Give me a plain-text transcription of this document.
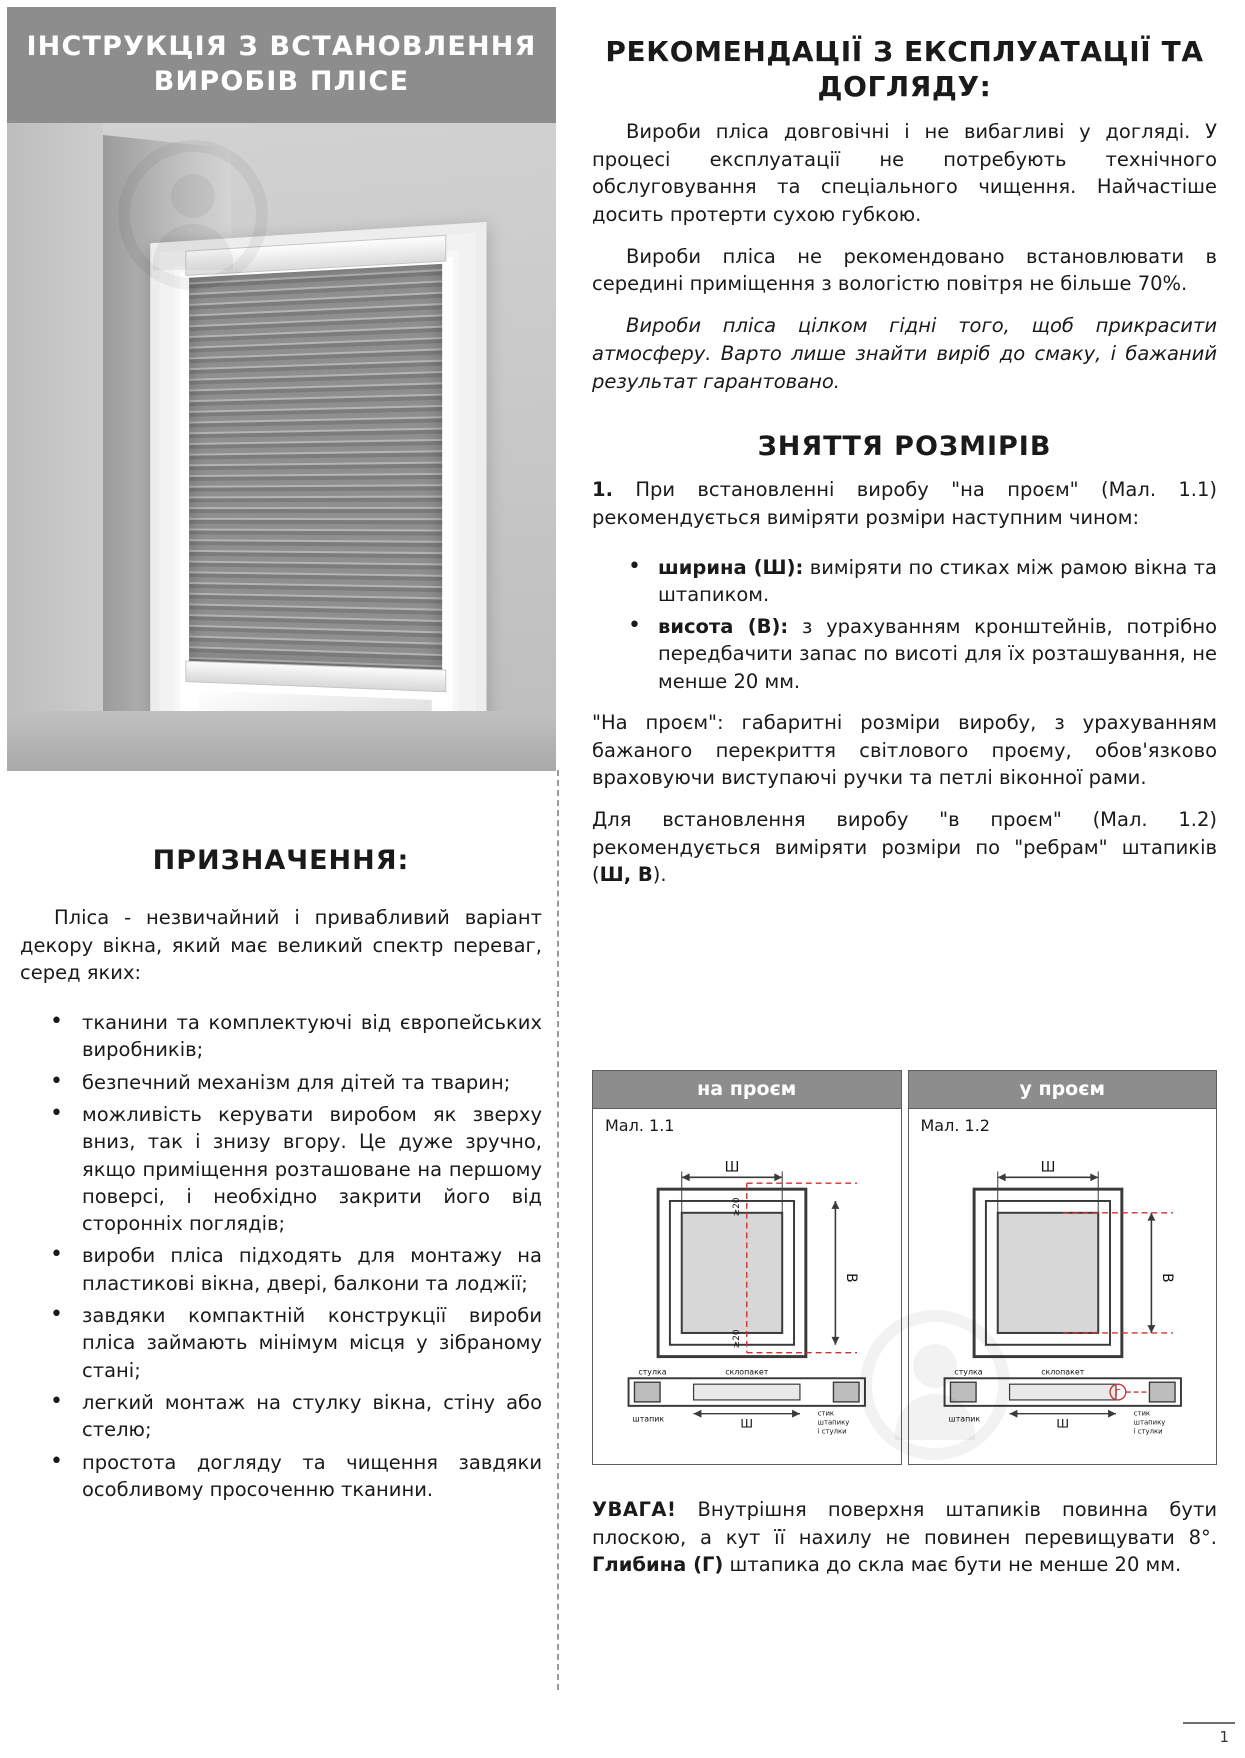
ІНСТРУКЦІЯ З ВСТАНОВЛЕННЯ ВИРОБІВ ПЛІСЕ
ПРИЗНАЧЕННЯ:

Пліса - незвичайний і привабливий варіант декору вікна, який має великий спектр переваг, серед яких:

• тканини та комплектуючі від європейських виробників;
• безпечний механізм для дітей та тварин;
• можливість керувати виробом як зверху вниз, так і знизу вгору. Це дуже зручно, якщо приміщення розташоване на першому поверсі, і необхідно закрити його від сторонніх поглядів;
• вироби пліса підходять для монтажу на пластикові вікна, двері, балкони та лоджії;
• завдяки компактній конструкції вироби пліса займають мінімум місця у зібраному стані;
• легкий монтаж на стулку вікна, стіну або стелю;
• простота догляду та чищення завдяки особливому просоченню тканини.
РЕКОМЕНДАЦІЇ З ЕКСПЛУАТАЦІЇ ТА ДОГЛЯДУ:

Вироби пліса довговічні і не вибагливі у догляді. У процесі експлуатації не потребують технічного обслуговування та спеціального чищення. Найчастіше досить протерти сухою губкою.

Вироби пліса не рекомендовано встановлювати в середині приміщення з вологістю повітря не більше 70%.

Вироби пліса цілком гідні того, щоб прикрасити атмосферу. Варто лише знайти виріб до смаку, і бажаний результат гарантовано.

ЗНЯТТЯ РОЗМІРІВ

1. При встановленні виробу "на проєм" (Мал. 1.1) рекомендується виміряти розміри наступним чином:

• ширина (Ш): виміряти по стиках між рамою вікна та штапиком.
• висота (В): з урахуванням кронштейнів, потрібно передбачити запас по висоті для їх розташування, не менше 20 мм.

"На проєм": габаритні розміри виробу, з урахуванням бажаного перекриття світлового проєму, обов'язково враховуючи виступаючі ручки та петлі віконної рами.

Для встановлення виробу "в проєм" (Мал. 1.2) рекомендується виміряти розміри по "ребрам" штапиків (Ш, В).

на проєм
Мал. 1.1
Ш
В
≥20
≥20
Ш
стулка	склопакет
штапик
стик
штапику
і стулки
у проєм
Мал. 1.2
Ш
В
Ш
Г
стулка	склопакет
штапик
стик
штапику
і стулки
УВАГА! Внутрішня поверхня штапиків повинна бути плоскою, а кут її нахилу не повинен перевищувати 8°. Глибина (Г) штапика до скла має бути не менше 20 мм.
1
